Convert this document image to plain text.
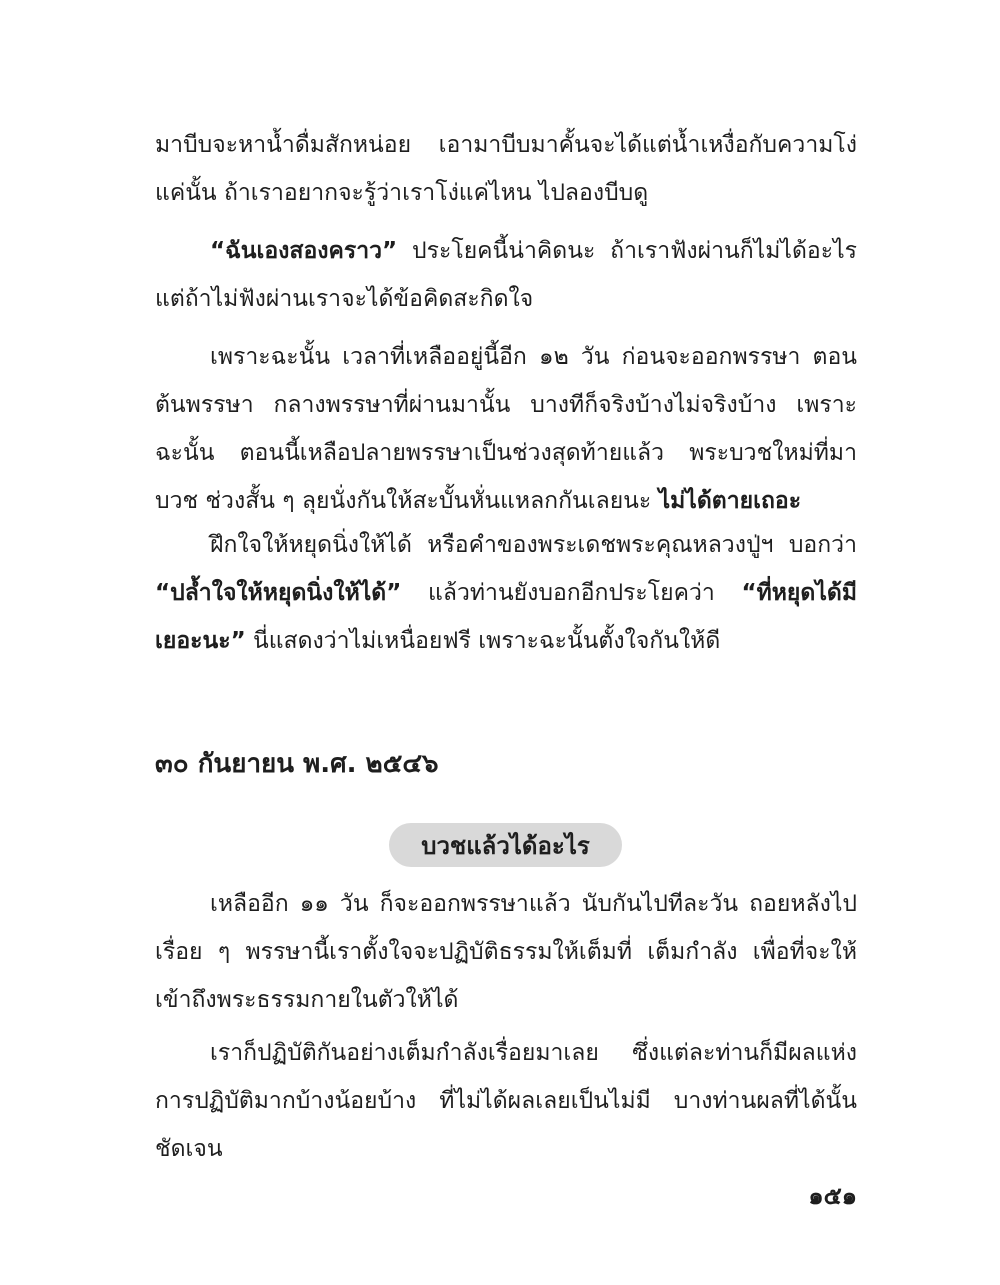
มาบีบจะหาน้ำดื่มสักหน่อย เอามาบีบมาคั้นจะได้แต่น้ำเหงื่อกับความโง่แค่นั้น ถ้าเราอยากจะรู้ว่าเราโง่แค่ไหน ไปลองบีบดู

“ฉันเองสองคราว” ประโยคนี้น่าคิดนะ ถ้าเราฟังผ่านก็ไม่ได้อะไร แต่ถ้าไม่ฟังผ่านเราจะได้ข้อคิดสะกิดใจ

เพราะฉะนั้น เวลาที่เหลืออยู่นี้อีก ๑๒ วัน ก่อนจะออกพรรษา ตอนต้นพรรษา กลางพรรษาที่ผ่านมานั้น บางทีก็จริงบ้างไม่จริงบ้าง เพราะฉะนั้น ตอนนี้เหลือปลายพรรษาเป็นช่วงสุดท้ายแล้ว พระบวชใหม่ที่มาบวช ช่วงสั้น ๆ ลุยนั่งกันให้สะบั้นหั่นแหลกกันเลยนะ ไม่ได้ตายเถอะ

ฝึกใจให้หยุดนิ่งให้ได้ หรือคำของพระเดชพระคุณหลวงปู่ฯ บอกว่า “ปล้ำใจให้หยุดนิ่งให้ได้” แล้วท่านยังบอกอีกประโยคว่า “ที่หยุดได้มีเยอะนะ” นี่แสดงว่าไม่เหนื่อยฟรี เพราะฉะนั้นตั้งใจกันให้ดี

๓๐ กันยายน พ.ศ. ๒๕๔๖
บวชแล้วได้อะไร

เหลืออีก ๑๑ วัน ก็จะออกพรรษาแล้ว นับกันไปทีละวัน ถอยหลังไปเรื่อย ๆ พรรษานี้เราตั้งใจจะปฏิบัติธรรมให้เต็มที่ เต็มกำลัง เพื่อที่จะให้เข้าถึงพระธรรมกายในตัวให้ได้

เราก็ปฏิบัติกันอย่างเต็มกำลังเรื่อยมาเลย ซึ่งแต่ละท่านก็มีผลแห่งการปฏิบัติมากบ้างน้อยบ้าง ที่ไม่ได้ผลเลยเป็นไม่มี บางท่านผลที่ได้นั้นชัดเจน

๑๕๑
